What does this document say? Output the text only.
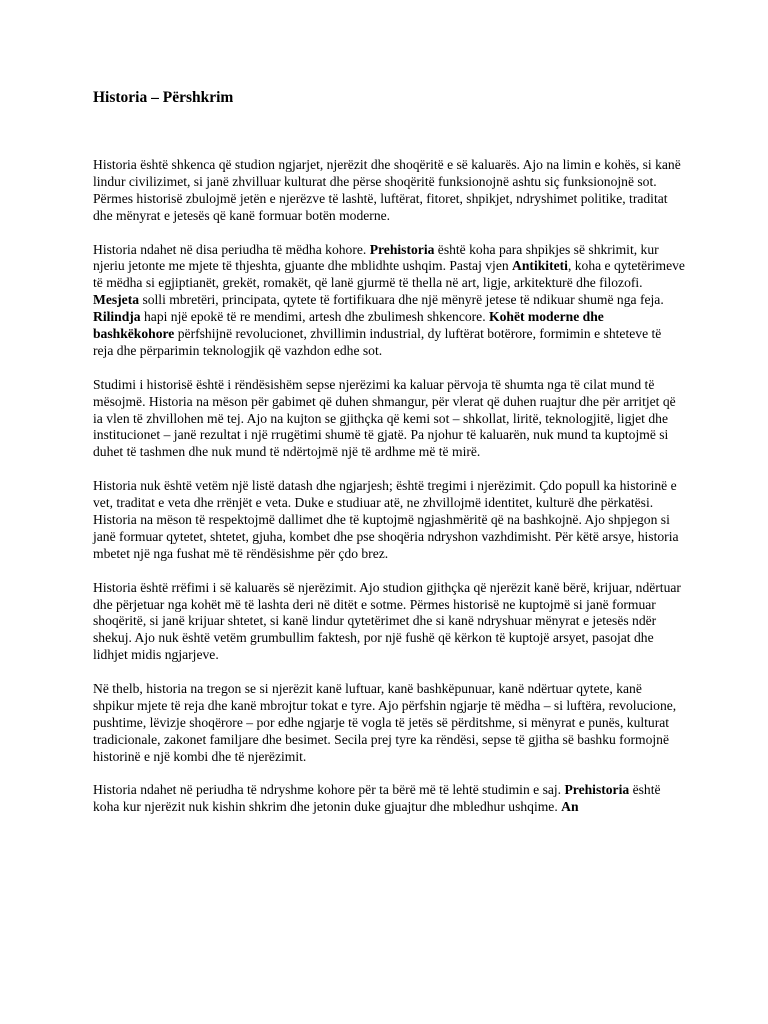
Historia – Përshkrim

Historia është shkenca që studion ngjarjet, njerëzit dhe shoqëritë e së kaluarës. Ajo na limin e kohës, si kanë lindur civilizimet, si janë zhvilluar kulturat dhe përse shoqëritë funksionojnë ashtu siç funksionojnë sot. Përmes historisë zbulojmë jetën e njerëzve të lashtë, luftërat, fitoret, shpikjet, ndryshimet politike, traditat dhe mënyrat e jetesës që kanë formuar botën moderne.

Historia ndahet në disa periudha të mëdha kohore. Prehistoria është koha para shpikjes së shkrimit, kur njeriu jetonte me mjete të thjeshta, gjuante dhe mblidhte ushqim. Pastaj vjen Antikiteti, koha e qytetërimeve të mëdha si egjiptianët, grekët, romakët, që lanë gjurmë të thella në art, ligje, arkitekturë dhe filozofi. Mesjeta solli mbretëri, principata, qytete të fortifikuara dhe një mënyrë jetese të ndikuar shumë nga feja. Rilindja hapi një epokë të re mendimi, artesh dhe zbulimesh shkencore. Kohët moderne dhe bashkëkohore përfshijnë revolucionet, zhvillimin industrial, dy luftërat botërore, formimin e shteteve të reja dhe përparimin teknologjik që vazhdon edhe sot.

Studimi i historisë është i rëndësishëm sepse njerëzimi ka kaluar përvoja të shumta nga të cilat mund të mësojmë. Historia na mëson për gabimet që duhen shmangur, për vlerat që duhen ruajtur dhe për arritjet që ia vlen të zhvillohen më tej. Ajo na kujton se gjithçka që kemi sot – shkollat, liritë, teknologjitë, ligjet dhe institucionet – janë rezultat i një rrugëtimi shumë të gjatë. Pa njohur të kaluarën, nuk mund ta kuptojmë si duhet të tashmen dhe nuk mund të ndërtojmë një të ardhme më të mirë.

Historia nuk është vetëm një listë datash dhe ngjarjesh; është tregimi i njerëzimit. Çdo popull ka historinë e vet, traditat e veta dhe rrënjët e veta. Duke e studiuar atë, ne zhvillojmë identitet, kulturë dhe përkatësi. Historia na mëson të respektojmë dallimet dhe të kuptojmë ngjashmëritë që na bashkojnë. Ajo shpjegon si janë formuar qytetet, shtetet, gjuha, kombet dhe pse shoqëria ndryshon vazhdimisht. Për këtë arsye, historia mbetet një nga fushat më të rëndësishme për çdo brez.

Historia është rrëfimi i së kaluarës së njerëzimit. Ajo studion gjithçka që njerëzit kanë bërë, krijuar, ndërtuar dhe përjetuar nga kohët më të lashta deri në ditët e sotme. Përmes historisë ne kuptojmë si janë formuar shoqëritë, si janë krijuar shtetet, si kanë lindur qytetërimet dhe si kanë ndryshuar mënyrat e jetesës ndër shekuj. Ajo nuk është vetëm grumbullim faktesh, por një fushë që kërkon të kuptojë arsyet, pasojat dhe lidhjet midis ngjarjeve.

Në thelb, historia na tregon se si njerëzit kanë luftuar, kanë bashkëpunuar, kanë ndërtuar qytete, kanë shpikur mjete të reja dhe kanë mbrojtur tokat e tyre. Ajo përfshin ngjarje të mëdha – si luftëra, revolucione, pushtime, lëvizje shoqërore – por edhe ngjarje të vogla të jetës së përditshme, si mënyrat e punës, kulturat tradicionale, zakonet familjare dhe besimet. Secila prej tyre ka rëndësi, sepse të gjitha së bashku formojnë historinë e një kombi dhe të njerëzimit.

Historia ndahet në periudha të ndryshme kohore për ta bërë më të lehtë studimin e saj. Prehistoria është koha kur njerëzit nuk kishin shkrim dhe jetonin duke gjuajtur dhe mbledhur ushqime. An
